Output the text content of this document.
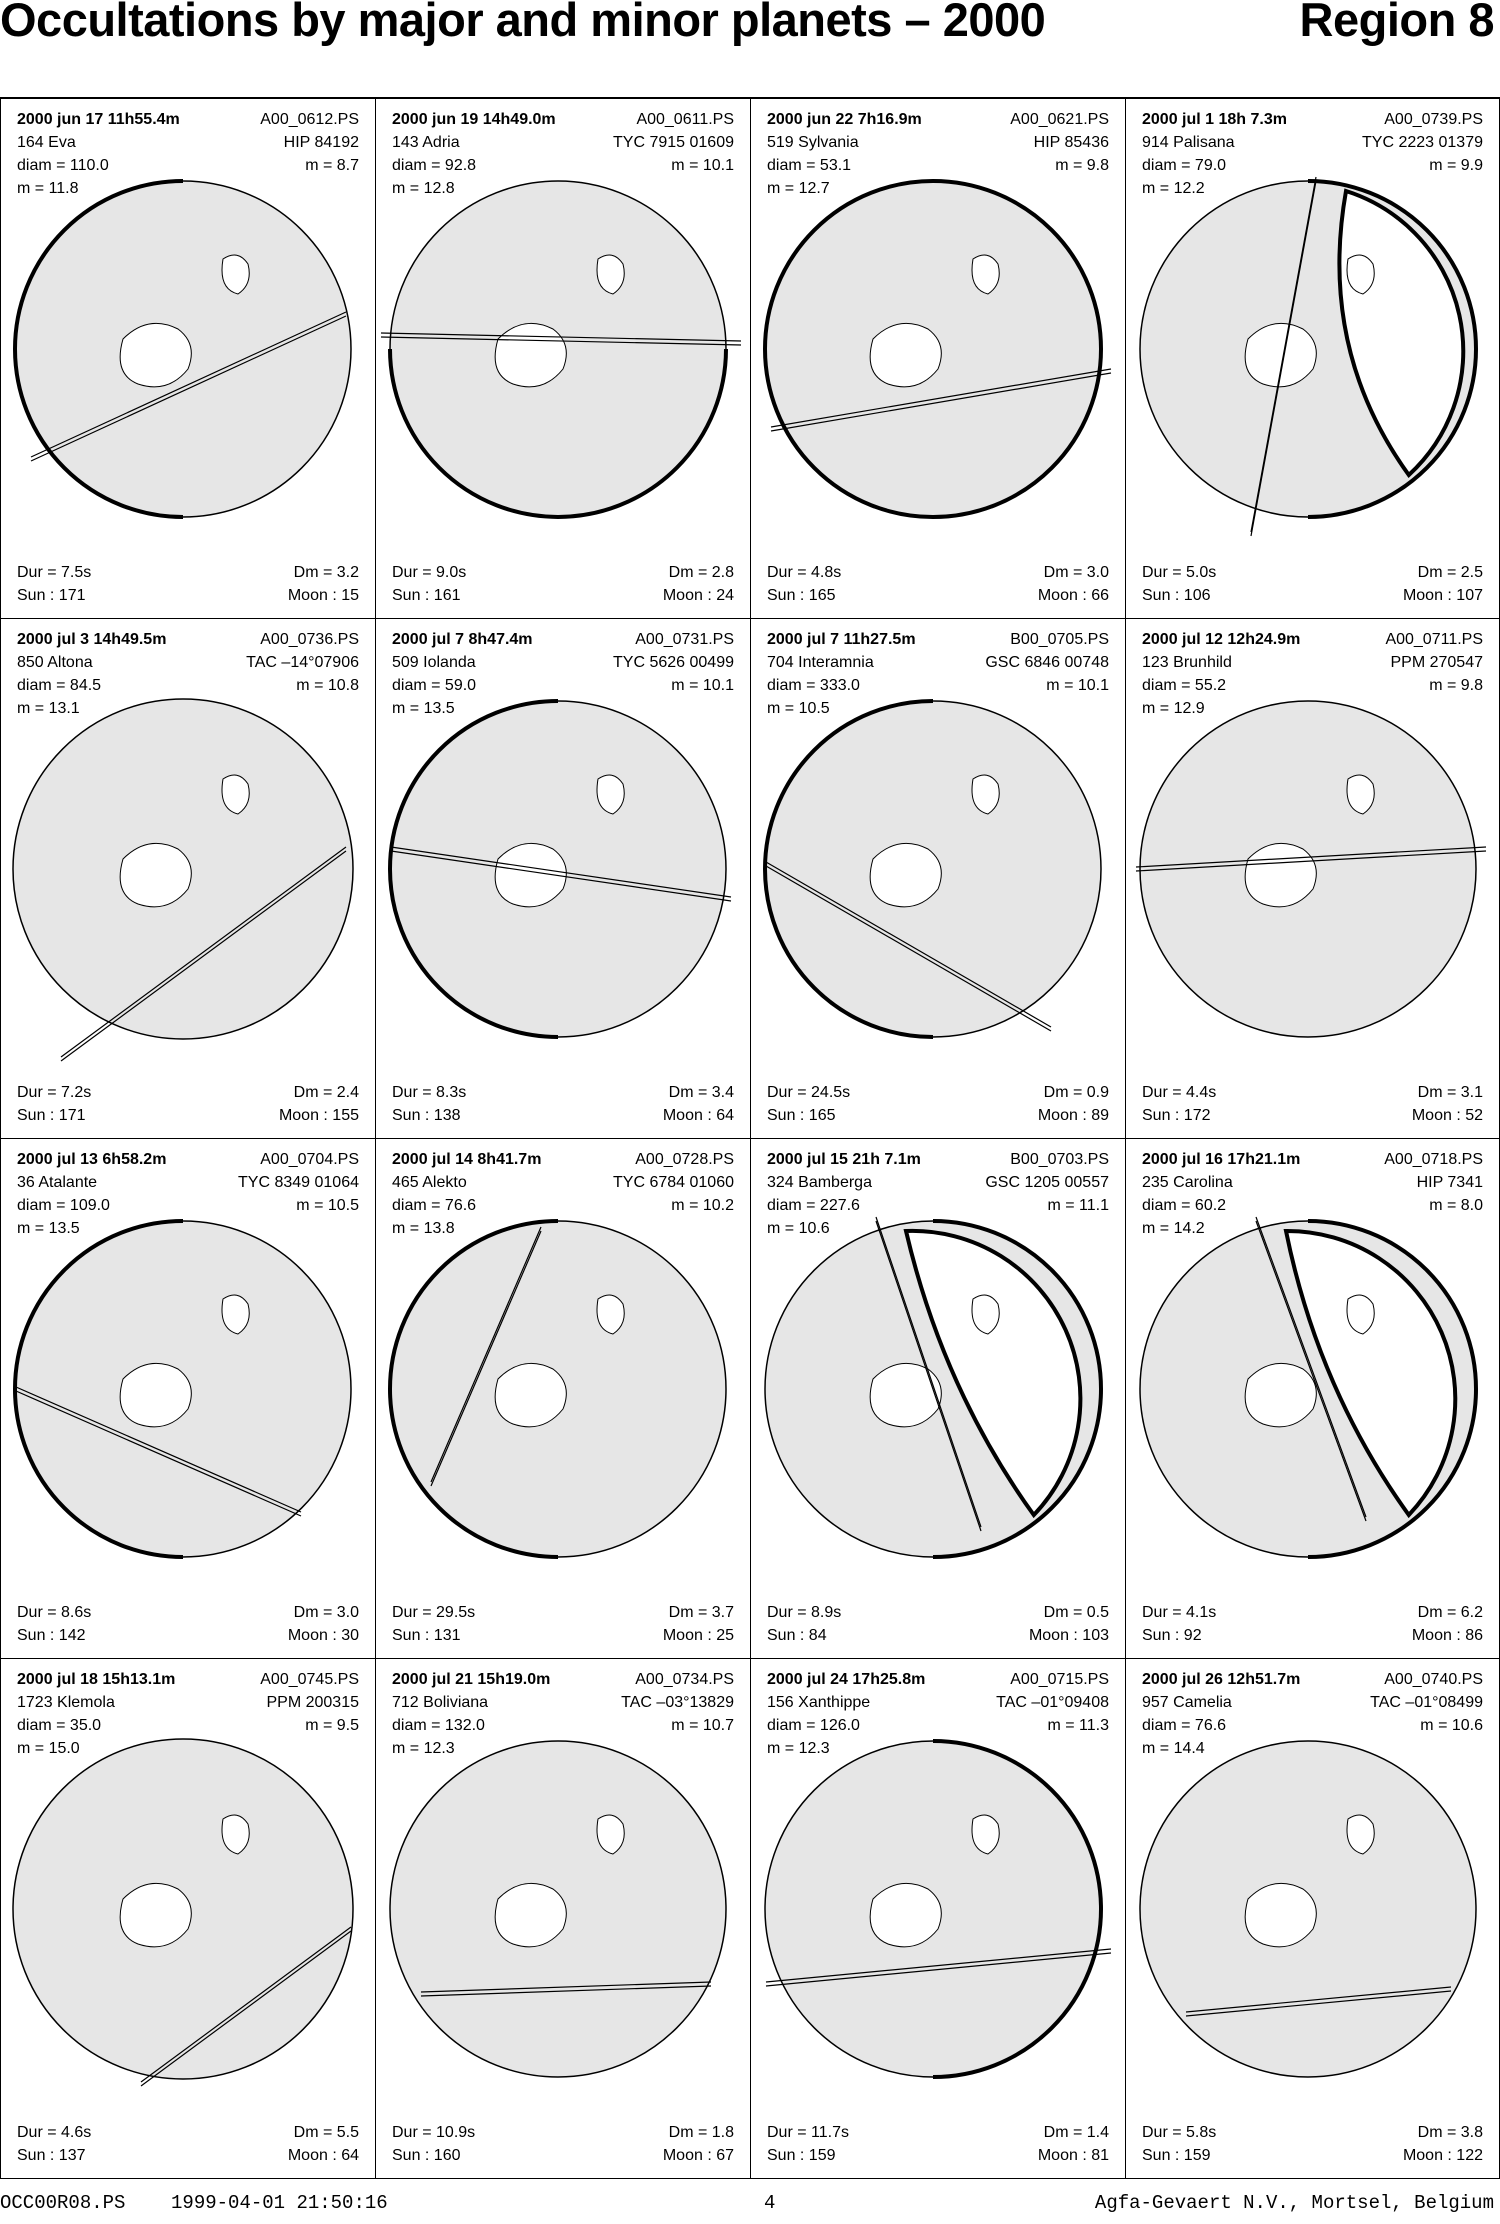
Occultations by major and minor planets – 2000	Region 8
2000 jun 17 11h55.4m	A00_0612.PS
164 Eva	HIP 84192
diam = 110.0	m = 8.7
m = 11.8
Dur = 7.5s	Dm = 3.2
Sun : 171	Moon : 15
2000 jun 19 14h49.0m	A00_0611.PS
143 Adria	TYC 7915 01609
diam = 92.8	m = 10.1
m = 12.8
Dur = 9.0s	Dm = 2.8
Sun : 161	Moon : 24
2000 jun 22 7h16.9m	A00_0621.PS
519 Sylvania	HIP 85436
diam = 53.1	m = 9.8
m = 12.7
Dur = 4.8s	Dm = 3.0
Sun : 165	Moon : 66
2000 jul 1 18h 7.3m	A00_0739.PS
914 Palisana	TYC 2223 01379
diam = 79.0	m = 9.9
m = 12.2
Dur = 5.0s	Dm = 2.5
Sun : 106	Moon : 107
2000 jul 3 14h49.5m	A00_0736.PS
850 Altona	TAC –14°07906
diam = 84.5	m = 10.8
m = 13.1
Dur = 7.2s	Dm = 2.4
Sun : 171	Moon : 155
2000 jul 7 8h47.4m	A00_0731.PS
509 Iolanda	TYC 5626 00499
diam = 59.0	m = 10.1
m = 13.5
Dur = 8.3s	Dm = 3.4
Sun : 138	Moon : 64
2000 jul 7 11h27.5m	B00_0705.PS
704 Interamnia	GSC 6846 00748
diam = 333.0	m = 10.1
m = 10.5
Dur = 24.5s	Dm = 0.9
Sun : 165	Moon : 89
2000 jul 12 12h24.9m	A00_0711.PS
123 Brunhild	PPM 270547
diam = 55.2	m = 9.8
m = 12.9
Dur = 4.4s	Dm = 3.1
Sun : 172	Moon : 52
2000 jul 13 6h58.2m	A00_0704.PS
36 Atalante	TYC 8349 01064
diam = 109.0	m = 10.5
m = 13.5
Dur = 8.6s	Dm = 3.0
Sun : 142	Moon : 30
2000 jul 14 8h41.7m	A00_0728.PS
465 Alekto	TYC 6784 01060
diam = 76.6	m = 10.2
m = 13.8
Dur = 29.5s	Dm = 3.7
Sun : 131	Moon : 25
2000 jul 15 21h 7.1m	B00_0703.PS
324 Bamberga	GSC 1205 00557
diam = 227.6	m = 11.1
m = 10.6
Dur = 8.9s	Dm = 0.5
Sun : 84	Moon : 103
2000 jul 16 17h21.1m	A00_0718.PS
235 Carolina	HIP 7341
diam = 60.2	m = 8.0
m = 14.2
Dur = 4.1s	Dm = 6.2
Sun : 92	Moon : 86
2000 jul 18 15h13.1m	A00_0745.PS
1723 Klemola	PPM 200315
diam = 35.0	m = 9.5
m = 15.0
Dur = 4.6s	Dm = 5.5
Sun : 137	Moon : 64
2000 jul 21 15h19.0m	A00_0734.PS
712 Boliviana	TAC –03°13829
diam = 132.0	m = 10.7
m = 12.3
Dur = 10.9s	Dm = 1.8
Sun : 160	Moon : 67
2000 jul 24 17h25.8m	A00_0715.PS
156 Xanthippe	TAC –01°09408
diam = 126.0	m = 11.3
m = 12.3
Dur = 11.7s	Dm = 1.4
Sun : 159	Moon : 81
2000 jul 26 12h51.7m	A00_0740.PS
957 Camelia	TAC –01°08499
diam = 76.6	m = 10.6
m = 14.4
Dur = 5.8s	Dm = 3.8
Sun : 159	Moon : 122
OCC00R08.PS    1999-04-01 21:50:16	4	Agfa-Gevaert N.V., Mortsel, Belgium
